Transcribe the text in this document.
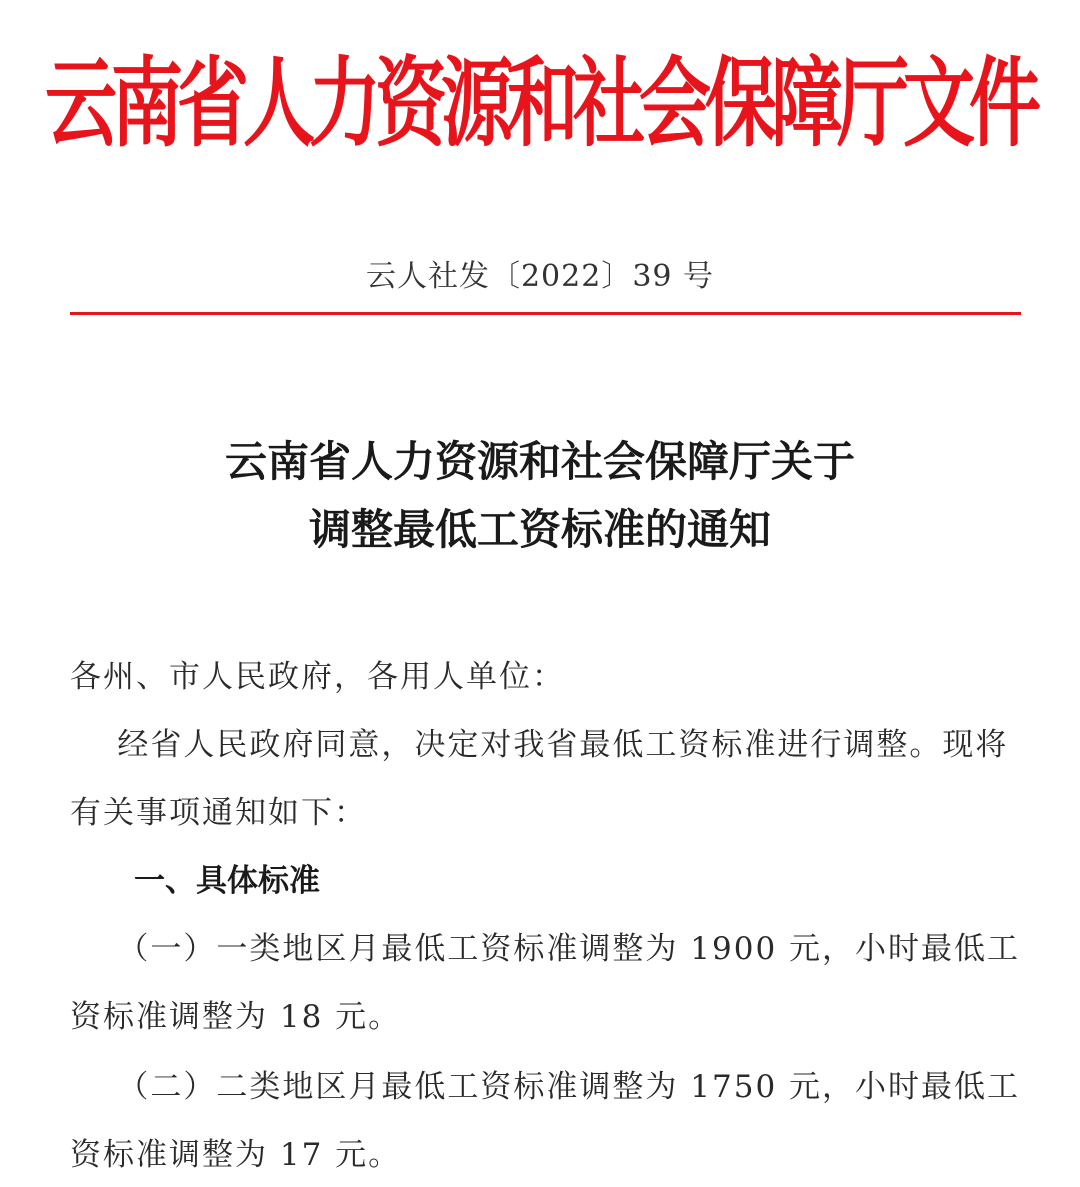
云南省人力资源和社会保障厅文件
云人社发〔2022〕39 号
云南省人力资源和社会保障厅关于
调整最低工资标准的通知
各州、市人民政府，各用人单位：
经省人民政府同意，决定对我省最低工资标准进行调整。现将
有关事项通知如下：
一、具体标准
（一）一类地区月最低工资标准调整为 1900 元，小时最低工
资标准调整为 18 元。
（二）二类地区月最低工资标准调整为 1750 元，小时最低工
资标准调整为 17 元。
